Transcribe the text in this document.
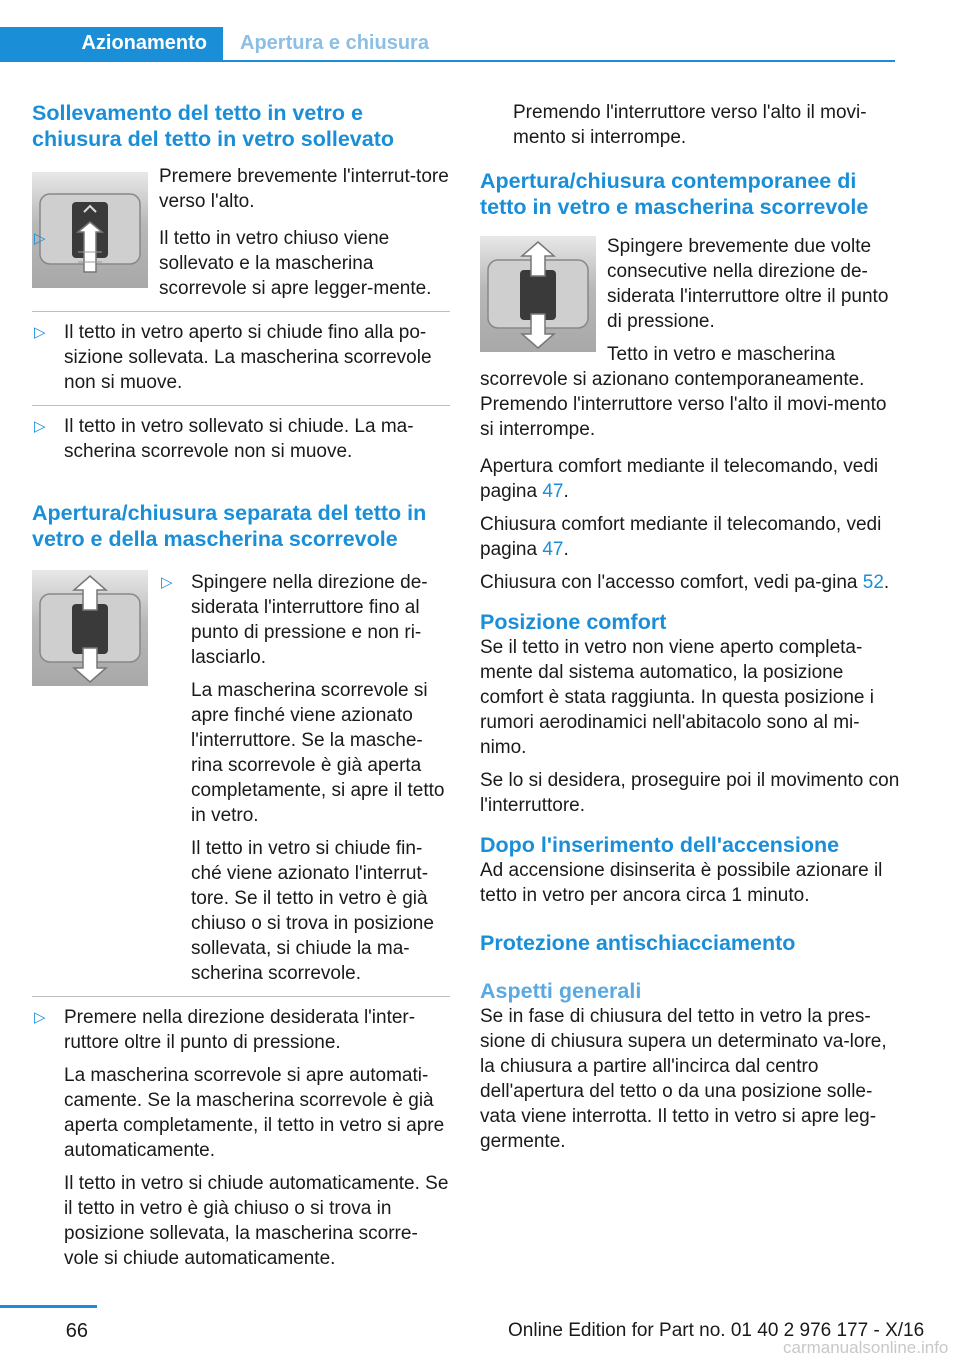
Azionamento	Apertura e chiusura
Sollevamento del tetto in vetro e chiusura del tetto in vetro sollevato

Premere brevemente l'interrut-tore verso l'alto.

▷	Il tetto in vetro chiuso viene sollevato e la mascherina scorrevole si apre legger-mente.

▷ Il tetto in vetro aperto si chiude fino alla po-sizione sollevata. La mascherina scorrevole non si muove.

▷ Il tetto in vetro sollevato si chiude. La ma-scherina scorrevole non si muove.

Apertura/chiusura separata del tetto in vetro e della mascherina scorrevole
▷ Spingere nella direzione de-siderata l'interruttore fino al punto di pressione e non ri-lasciarlo.

La mascherina scorrevole si apre finché viene azionato l'interruttore. Se la masche-rina scorrevole è già aperta completamente, si apre il tetto in vetro.

Il tetto in vetro si chiude fin-ché viene azionato l'interrut-tore. Se il tetto in vetro è già chiuso o si trova in posizione sollevata, si chiude la ma-scherina scorrevole.

▷ Premere nella direzione desiderata l'inter-ruttore oltre il punto di pressione.

La mascherina scorrevole si apre automati-camente. Se la mascherina scorrevole è già aperta completamente, il tetto in vetro si apre automaticamente.

Il tetto in vetro si chiude automaticamente. Se il tetto in vetro è già chiuso o si trova in posizione sollevata, la mascherina scorre-vole si chiude automaticamente.

Premendo l'interruttore verso l'alto il movi-mento si interrompe.

Apertura/chiusura contemporanee di tetto in vetro e mascherina scorrevole

Spingere brevemente due volte consecutive nella direzione de-siderata l'interruttore oltre il punto di pressione.

Tetto in vetro e mascherina scorrevole si azionano contemporaneamente. Premendo l'interruttore verso l'alto il movi-mento si interrompe.

Apertura comfort mediante il telecomando, vedi pagina 47.

Chiusura comfort mediante il telecomando, vedi pagina 47.

Chiusura con l'accesso comfort, vedi pa-gina 52.

Posizione comfort

Se il tetto in vetro non viene aperto completa-mente dal sistema automatico, la posizione comfort è stata raggiunta. In questa posizione i rumori aerodinamici nell'abitacolo sono al mi-nimo.

Se lo si desidera, proseguire poi il movimento con l'interruttore.

Dopo l'inserimento dell'accensione

Ad accensione disinserita è possibile azionare il tetto in vetro per ancora circa 1 minuto.

Protezione antischiacciamento
Aspetti generali

Se in fase di chiusura del tetto in vetro la pres-sione di chiusura supera un determinato va-lore, la chiusura a partire all'incirca dal centro dell'apertura del tetto o da una posizione solle-vata viene interrotta. Il tetto in vetro si apre leg-germente.

66	Online Edition for Part no. 01 40 2 976 177 - X/16
carmanualsonline.info
